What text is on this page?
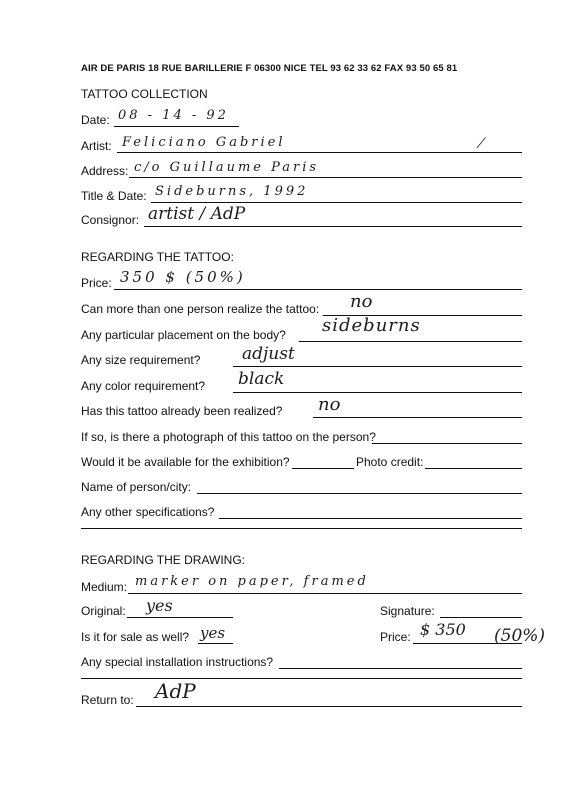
AIR DE PARIS 18 RUE BARILLERIE F 06300 NICE TEL 93 62 33 62 FAX 93 50 65 81
TATTOO COLLECTION
Date: 08 - 14 - 92
Artist: Feliciano Gabriel	⁄
Address: c/o Guillaume Paris
Title & Date: Sideburns, 1992
Consignor: artist / AdP
REGARDING THE TATTOO:
Price: 350 $ (50%)
Can more than one person realize the tattoo: no
Any particular placement on the body? sideburns
Any size requirement? adjust
Any color requirement? black
Has this tattoo already been realized? no
If so, is there a photograph of this tattoo on the person?
Would it be available for the exhibition?	Photo credit:
Name of person/city:
Any other specifications?
REGARDING THE DRAWING:
Medium: marker on paper, framed
Original: yes	Signature:
Is it for sale as well? yes	Price: $ 350 (50%)
Any special installation instructions?
Return to: AdP
